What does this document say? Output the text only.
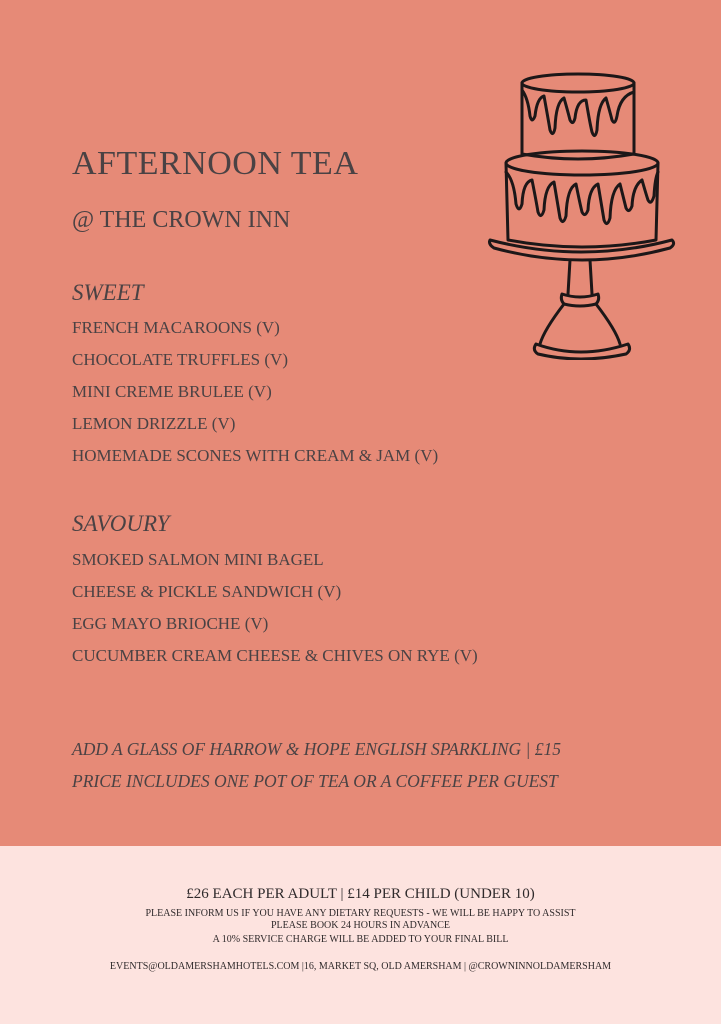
AFTERNOON TEA
@ THE CROWN INN
SWEET
FRENCH MACAROONS (V)
CHOCOLATE TRUFFLES (V)
MINI CREME BRULEE (V)
LEMON DRIZZLE (V)
HOMEMADE SCONES WITH CREAM & JAM (V)
SAVOURY
SMOKED SALMON MINI BAGEL
CHEESE & PICKLE SANDWICH (V)
EGG MAYO BRIOCHE (V)
CUCUMBER CREAM CHEESE & CHIVES ON RYE (V)

ADD A GLASS OF HARROW & HOPE ENGLISH SPARKLING | £15

PRICE INCLUDES ONE POT OF TEA OR A COFFEE PER GUEST

£26 EACH PER ADULT | £14 PER CHILD (UNDER 10)
PLEASE INFORM US IF YOU HAVE ANY DIETARY REQUESTS - WE WILL BE HAPPY TO ASSIST
PLEASE BOOK 24 HOURS IN ADVANCE
A 10% SERVICE CHARGE WILL BE ADDED TO YOUR FINAL BILL
EVENTS@OLDAMERSHAMHOTELS.COM |16, MARKET SQ, OLD AMERSHAM | @CROWNINNOLDAMERSHAM
